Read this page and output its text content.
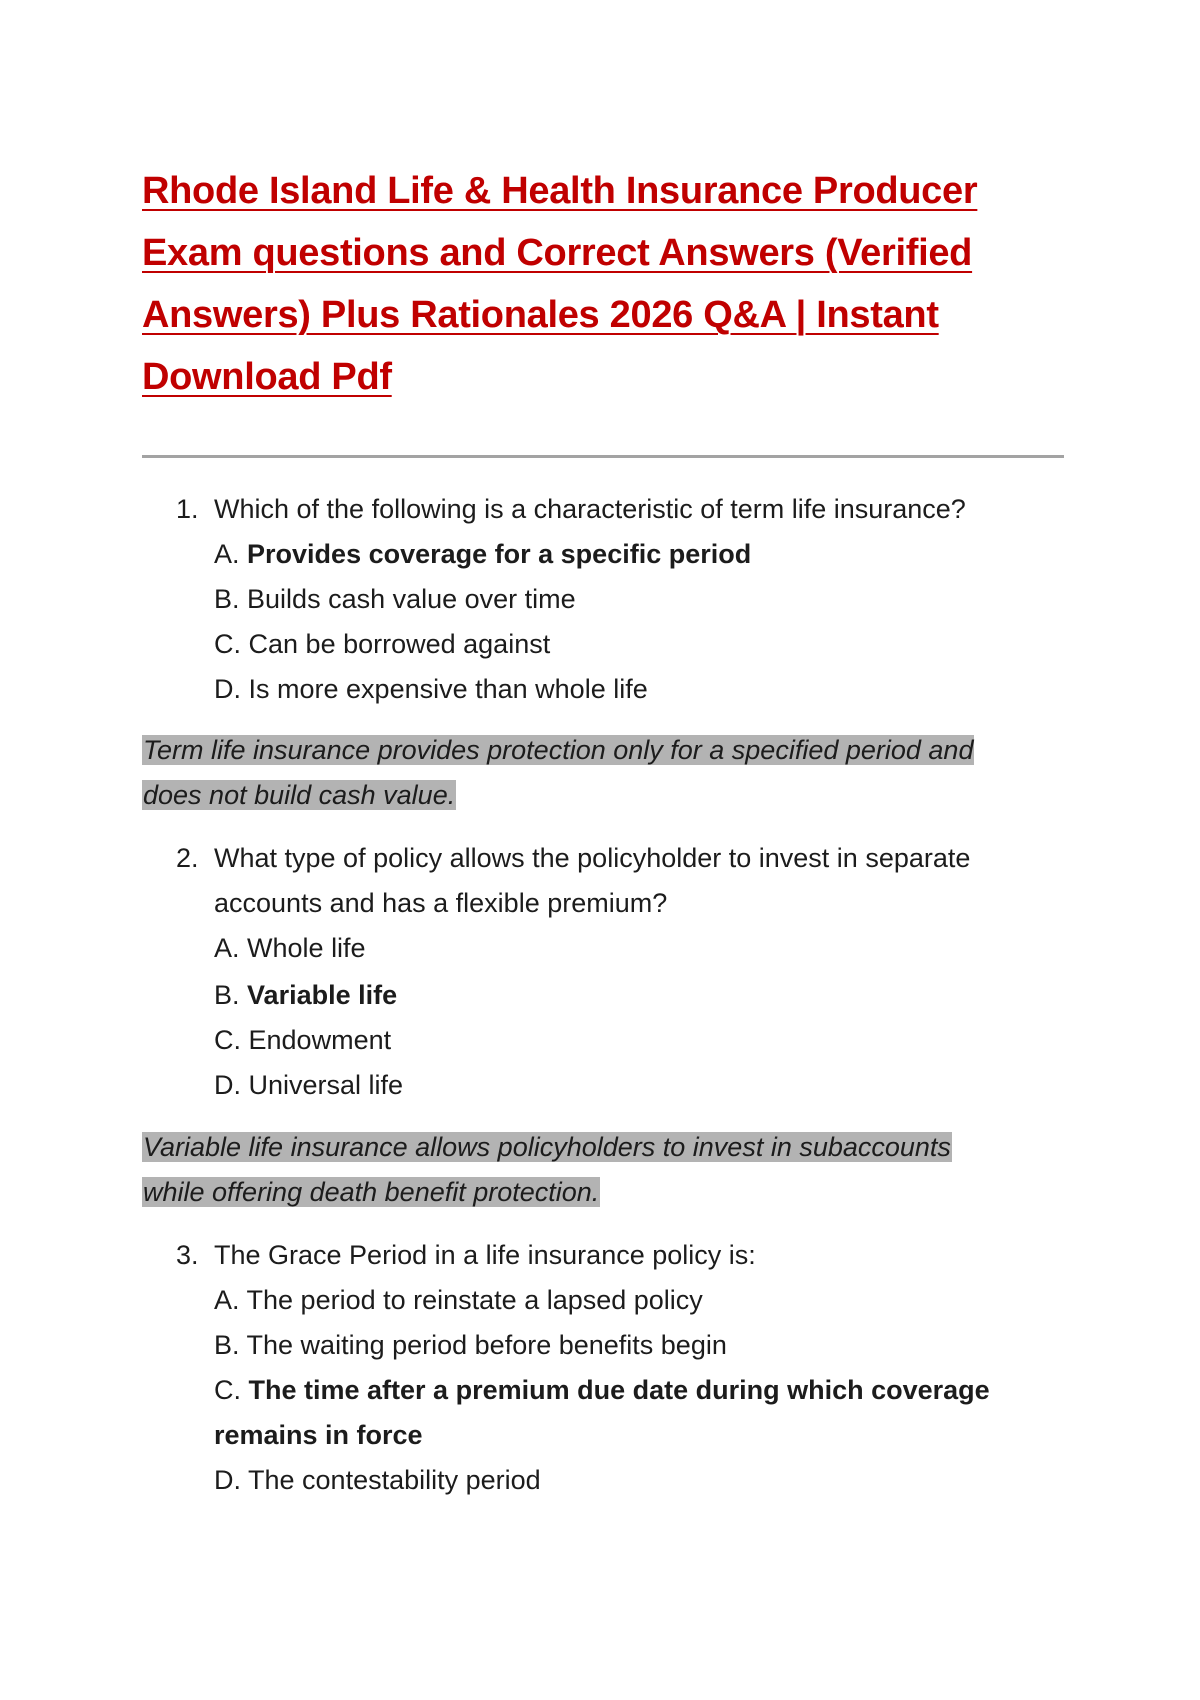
Rhode Island Life & Health Insurance Producer
Exam questions and Correct Answers (Verified
Answers) Plus Rationales 2026 Q&A | Instant
Download Pdf
1. Which of the following is a characteristic of term life insurance?
A. Provides coverage for a specific period
B. Builds cash value over time
C. Can be borrowed against
D. Is more expensive than whole life
Term life insurance provides protection only for a specified period and
does not build cash value.
2. What type of policy allows the policyholder to invest in separate
accounts and has a flexible premium?
A. Whole life
B. Variable life
C. Endowment
D. Universal life
Variable life insurance allows policyholders to invest in subaccounts
while offering death benefit protection.
3. The Grace Period in a life insurance policy is:
A. The period to reinstate a lapsed policy
B. The waiting period before benefits begin
C. The time after a premium due date during which coverage
remains in force
D. The contestability period
